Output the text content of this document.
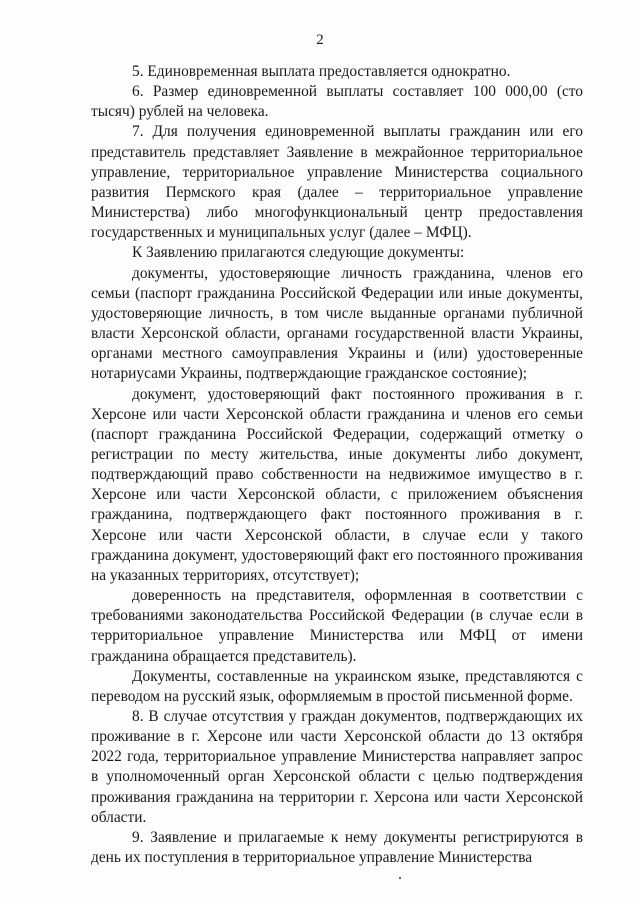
2

5. Единовременная выплата предоставляется однократно.

6. Размер единовременной выплаты составляет 100 000,00 (сто тысяч) рублей на человека.

7. Для получения единовременной выплаты гражданин или его представитель представляет Заявление в межрайонное территориальное управление, территориальное управление Министерства социального развития Пермского края (далее – территориальное управление Министерства) либо многофункциональный центр предоставления государственных и муниципальных услуг (далее – МФЦ).

К Заявлению прилагаются следующие документы:

документы, удостоверяющие личность гражданина, членов его семьи (паспорт гражданина Российской Федерации или иные документы, удостоверяющие личность, в том числе выданные органами публичной власти Херсонской области, органами государственной власти Украины, органами местного самоуправления Украины и (или) удостоверенные нотариусами Украины, подтверждающие гражданское состояние);

документ, удостоверяющий факт постоянного проживания в г. Херсоне или части Херсонской области гражданина и членов его семьи (паспорт гражданина Российской Федерации, содержащий отметку о регистрации по месту жительства, иные документы либо документ, подтверждающий право собственности на недвижимое имущество в г. Херсоне или части Херсонской области, с приложением объяснения гражданина, подтверждающего факт постоянного проживания в г. Херсоне или части Херсонской области, в случае если у такого гражданина документ, удостоверяющий факт его постоянного проживания на указанных территориях, отсутствует);

доверенность на представителя, оформленная в соответствии с требованиями законодательства Российской Федерации (в случае если в территориальное управление Министерства или МФЦ от имени гражданина обращается представитель).

Документы, составленные на украинском языке, представляются с переводом на русский язык, оформляемым в простой письменной форме.

8. В случае отсутствия у граждан документов, подтверждающих их проживание в г. Херсоне или части Херсонской области до 13 октября 2022 года, территориальное управление Министерства направляет запрос в уполномоченный орган Херсонской области с целью подтверждения проживания гражданина на территории г. Херсона или части Херсонской области.

9. Заявление и прилагаемые к нему документы регистрируются в день их поступления в территориальное управление Министерства
